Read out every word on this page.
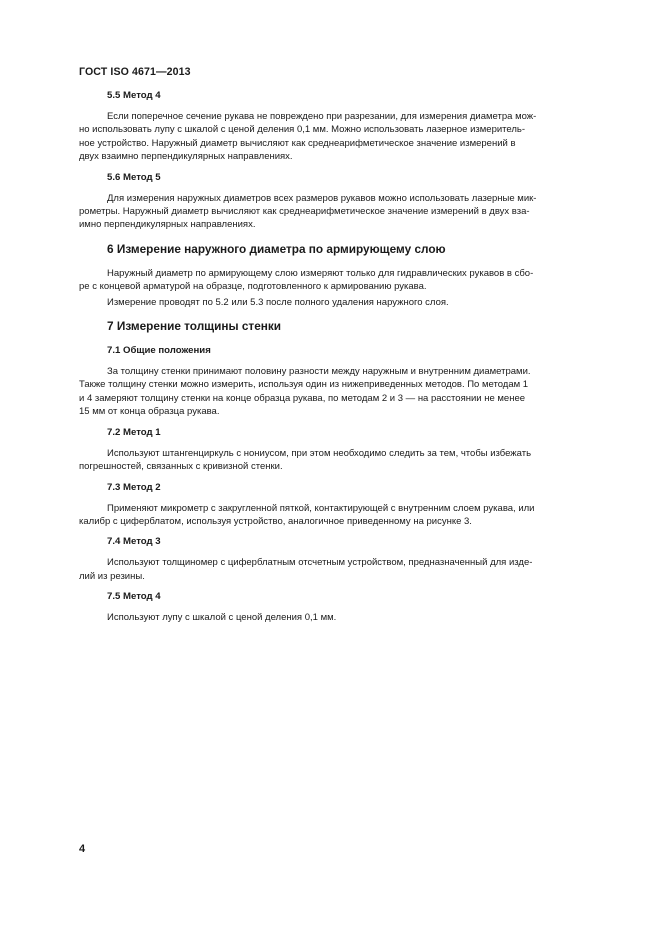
ГОСТ ISO 4671—2013
5.5 Метод 4

Если поперечное сечение рукава не повреждено при разрезании, для измерения диаметра мож-
но использовать лупу с шкалой с ценой деления 0,1 мм. Можно использовать лазерное измеритель-
ное устройство. Наружный диаметр вычисляют как среднеарифметическое значение измерений в
двух взаимно перпендикулярных направлениях.

5.6 Метод 5

Для измерения наружных диаметров всех размеров рукавов можно использовать лазерные мик-
рометры. Наружный диаметр вычисляют как среднеарифметическое значение измерений в двух вза-
имно перпендикулярных направлениях.

6 Измерение наружного диаметра по армирующему слою

Наружный диаметр по армирующему слою измеряют только для гидравлических рукавов в сбо-
ре с концевой арматурой на образце, подготовленного к армированию рукава.

Измерение проводят по 5.2 или 5.3 после полного удаления наружного слоя.

7 Измерение толщины стенки
7.1 Общие положения

За толщину стенки принимают половину разности между наружным и внутренним диаметрами.
Также толщину стенки можно измерить, используя один из нижеприведенных методов. По методам 1
и 4 замеряют толщину стенки на конце образца рукава, по методам 2 и 3 — на расстоянии не менее
15 мм от конца образца рукава.

7.2 Метод 1

Используют штангенциркуль с нониусом, при этом необходимо следить за тем, чтобы избежать
погрешностей, связанных с кривизной стенки.

7.3 Метод 2

Применяют микрометр с закругленной пяткой, контактирующей с внутренним слоем рукава, или
калибр с циферблатом, используя устройство, аналогичное приведенному на рисунке 3.

7.4 Метод 3

Используют толщиномер с циферблатным отсчетным устройством, предназначенный для изде-
лий из резины.

7.5 Метод 4

Используют лупу с шкалой с ценой деления 0,1 мм.

4
